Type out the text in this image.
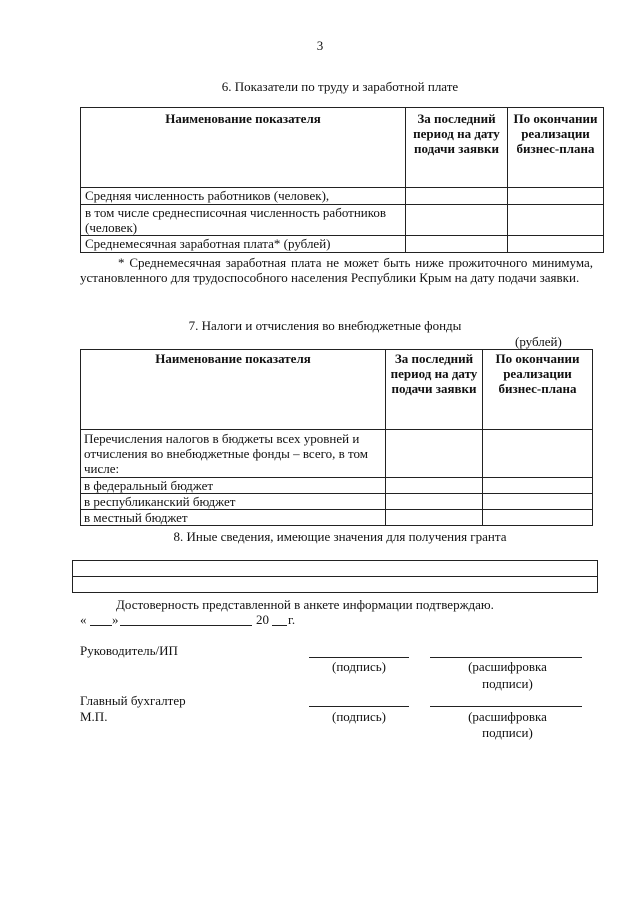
3
6. Показатели по труду и заработной плате
Наименование показателя	За последний период на дату подачи заявки	По окончании реализации бизнес-плана
Средняя численность работников (человек),		
в том числе среднесписочная численность работников (человек)		
Среднемесячная заработная плата* (рублей)		
* Среднемесячная заработная плата не может быть ниже прожиточного минимума, установленного для трудоспособного населения Республики Крым на дату подачи заявки.
7. Налоги и отчисления во внебюджетные фонды
(рублей)
Наименование показателя	За последний период на дату подачи заявки	По окончании реализации бизнес-плана
Перечисления налогов в бюджеты всех уровней и отчисления во внебюджетные фонды – всего, в том числе:		
в федеральный бюджет		
в республиканский бюджет		
в местный бюджет		
8. Иные сведения, имеющие значения для получения гранта

Достоверность представленной в анкете информации подтверждаю.
« »	20 г.
Руководитель/ИП
(подпись)	(расшифровка
подписи)
Главный бухгалтер
М.П.	(подпись)	(расшифровка
подписи)
